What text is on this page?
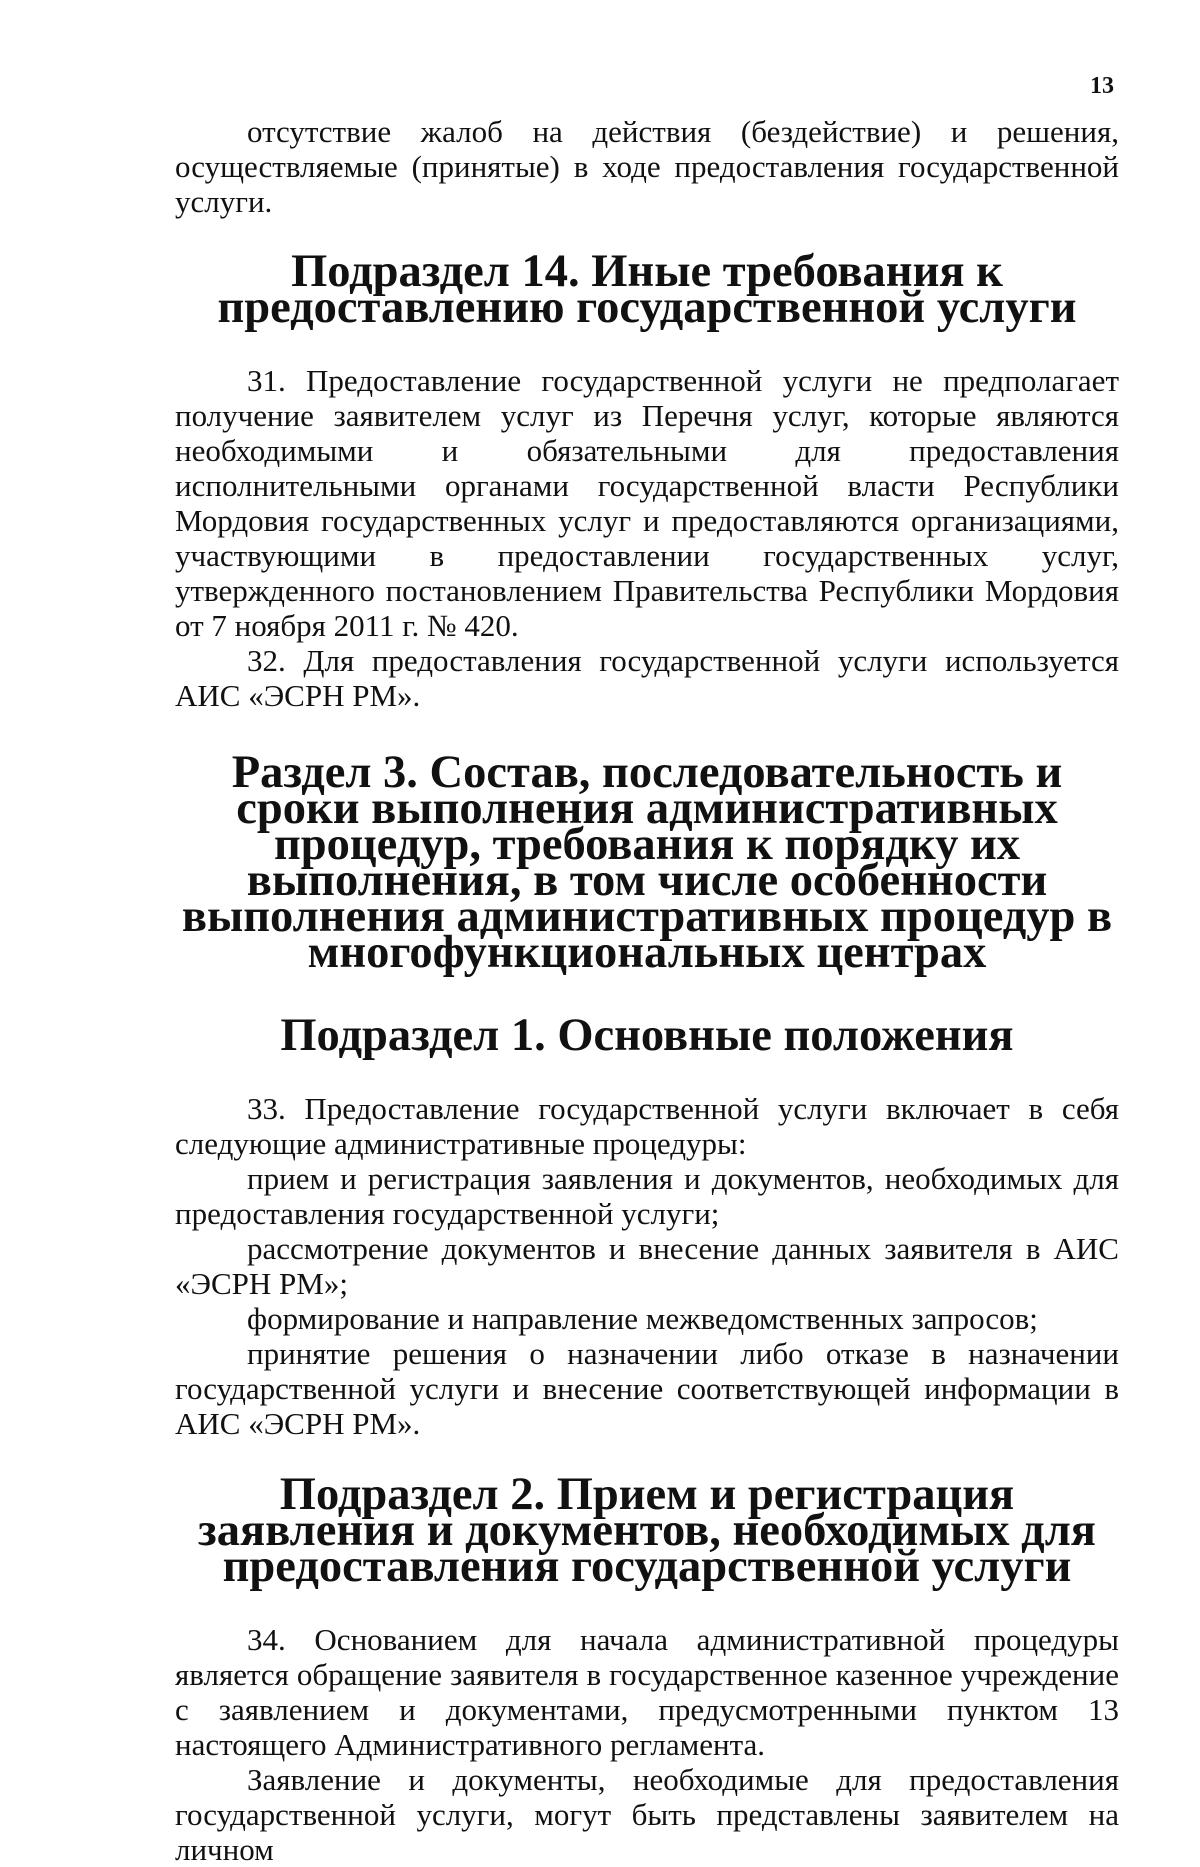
13

отсутствие жалоб на действия (бездействие) и решения, осуществляемые (принятые) в ходе предоставления государственной услуги.

Подраздел 14. Иные требования к предоставлению государственной услуги

31. Предоставление государственной услуги не предполагает получение заявителем услуг из Перечня услуг, которые являются необходимыми и обязательными для предоставления исполнительными органами государственной власти Республики Мордовия государственных услуг и предоставляются организациями, участвующими в предоставлении государственных услуг, утвержденного постановлением Правительства Республики Мордовия от 7 ноября 2011 г. № 420.

32. Для предоставления государственной услуги используется АИС «ЭСРН РМ».

Раздел 3. Состав, последовательность и сроки выполнения административных процедур, требования к порядку их выполнения, в том числе особенности выполнения административных процедур в многофункциональных центрах
Подраздел 1. Основные положения

33. Предоставление государственной услуги включает в себя следующие административные процедуры:

прием и регистрация заявления и документов, необходимых для предоставления государственной услуги;

рассмотрение документов и внесение данных заявителя в АИС «ЭСРН РМ»;

формирование и направление межведомственных запросов;

принятие решения о назначении либо отказе в назначении государственной услуги и внесение соответствующей информации в АИС «ЭСРН РМ».

Подраздел 2. Прием и регистрация заявления и документов, необходимых для предоставления государственной услуги

34. Основанием для начала административной процедуры является обращение заявителя в государственное казенное учреждение с заявлением и документами, предусмотренными пунктом 13 настоящего Административного регламента.

Заявление и документы, необходимые для предоставления государственной услуги, могут быть представлены заявителем на личном
